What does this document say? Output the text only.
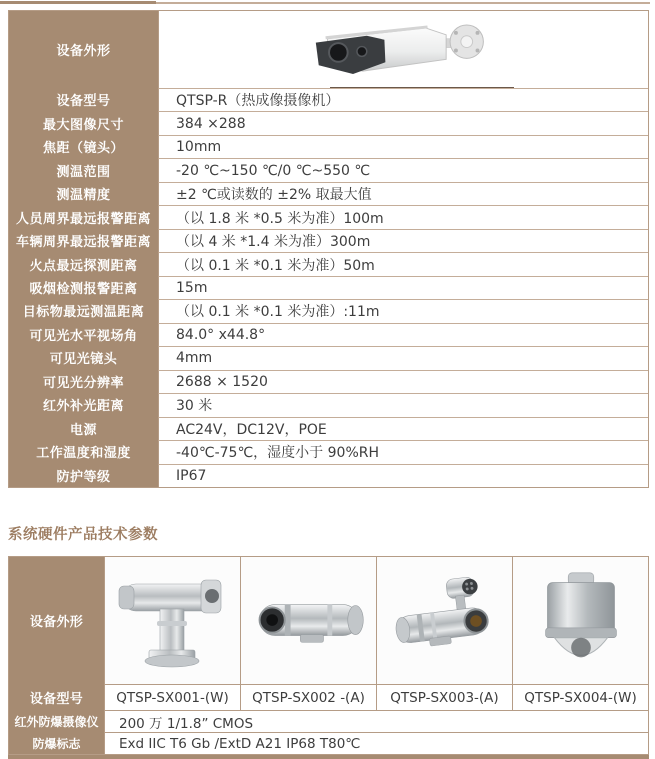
设备外形
设备型号	QTSP-R（热成像摄像机）
最大图像尺寸	384 ×288
焦距（镜头）	10mm
测温范围	-20 ℃~150 ℃/0 ℃~550 ℃
测温精度	±2 ℃或读数的 ±2% 取最大值
人员周界最远报警距离	（以 1.8 米 *0.5 米为准）100m
车辆周界最远报警距离	（以 4 米 *1.4 米为准）300m
火点最远探测距离	（以 0.1 米 *0.1 米为准）50m
吸烟检测报警距离	15m
目标物最远测温距离	（以 0.1 米 *0.1 米为准）:11m
可见光水平视场角	84.0° x44.8°
可见光镜头	4mm
可见光分辨率	2688 × 1520
红外补光距离	30 米
电源	AC24V，DC12V，POE
工作温度和湿度	-40℃-75℃，湿度小于 90%RH
防护等级	IP67
系统硬件产品技术参数
设备外形
设备型号	QTSP-SX001-(W)	QTSP-SX002 -(A)	QTSP-SX003-(A)	QTSP-SX004-(W)
红外防爆摄像仪	200 万 1/1.8” CMOS
防爆标志	Exd IIC T6 Gb /ExtD A21 IP68 T80℃
